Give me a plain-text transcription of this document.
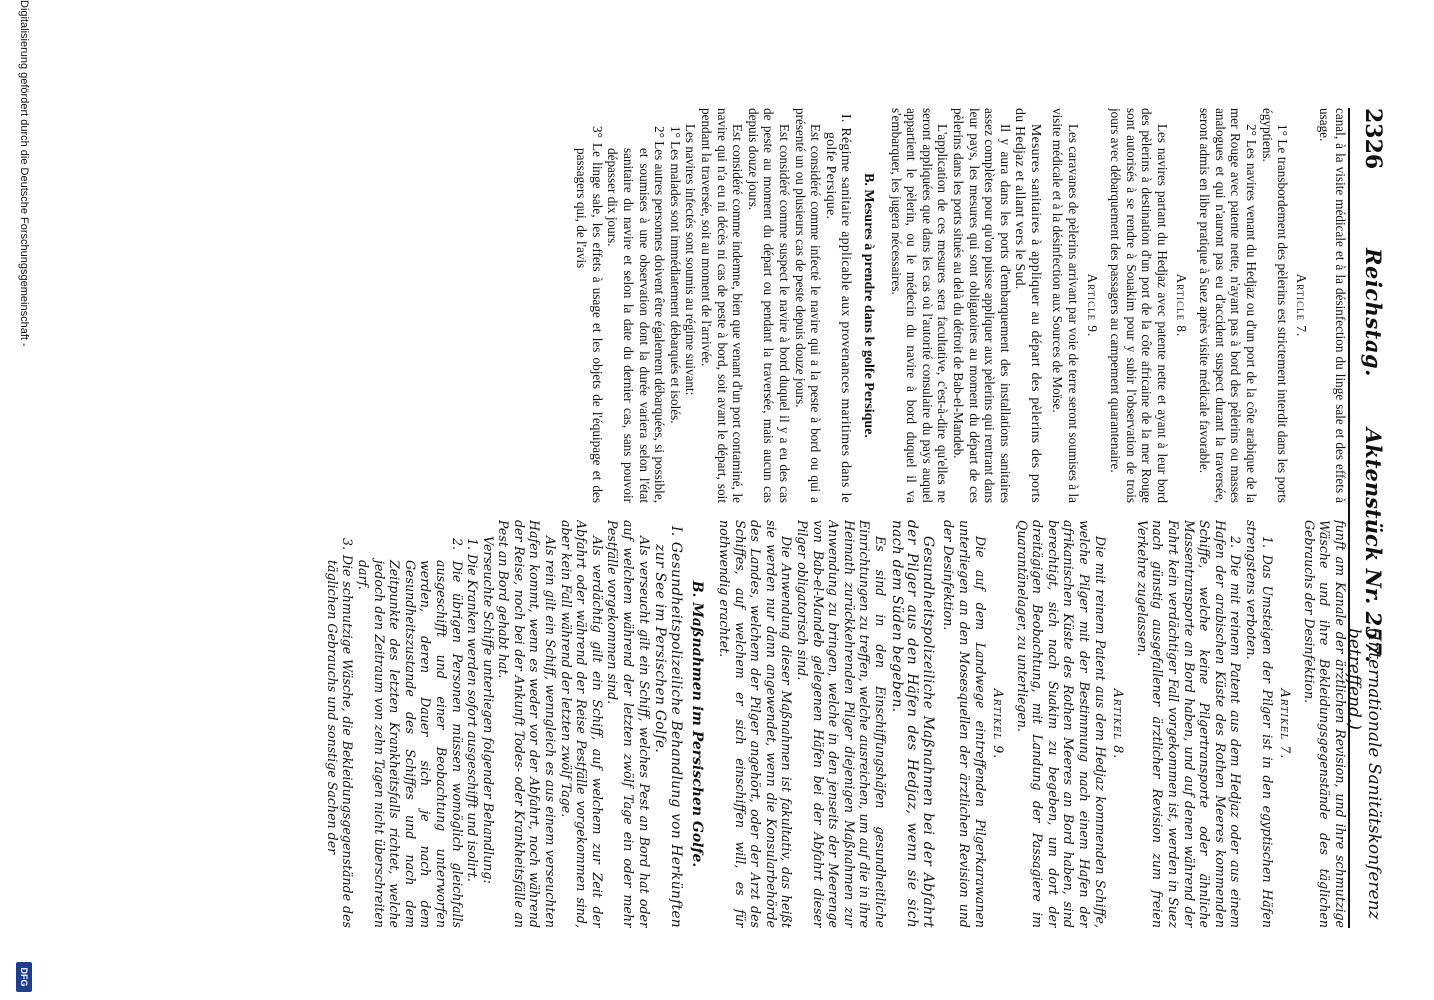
2326
Reichstag.
Aktenstück Nr. 257.
(Internationale Sanitätskonferenz betreffend.)

canal, à la visite médicale et à la désinfection du linge sale et des effets à usage.

Article 7.

1° Le transbordement des pèlerins est strictement interdit dans les ports égyptiens.

2° Les navires venant du Hedjaz ou d'un port de la côte arabique de la mer Rouge avec patente nette, n'ayant pas à bord des pèlerins ou masses analogues et qui n'auront pas eu d'accident suspect durant la traversée, seront admis en libre pratique à Suez après visite médicale favorable.

Article 8.

Les navires partant du Hedjaz avec patente nette et ayant à leur bord des pèlerins à destination d'un port de la côte africaine de la mer Rouge sont autorisés à se rendre à Souakim pour y subir l'observation de trois jours avec débarquement des passagers au campement quarantenaire.

Article 9.

Les caravanes de pèlerins arrivant par voie de terre seront soumises à la visite médicale et à la désinfection aux Sources de Moïse.

Mesures sanitaires à appliquer au départ des pèlerins des ports du Hedjaz et allant vers le Sud.

Il y aura dans les ports d'embarquement des installations sanitaires assez complètes pour qu'on puisse appliquer aux pèlerins qui rentrant dans leur pays, les mesures qui sont obligatoires au moment du départ de ces pèlerins dans les ports situés au delà du détroit de Bab-el-Mandeb.

L'application de ces mesures sera facultative, c'est-à-dire qu'elles ne seront appliquées que dans les cas où l'autorité consulaire du pays auquel appartient le pèlerin, ou le médecin du navire à bord duquel il va s'embarquer, les jugera nécessaires.

B. Mesures à prendre dans le golfe Persique.

I. Régime sanitaire applicable aux provenances maritimes dans le golfe Persique.

Est considéré comme infecté le navire qui a la peste à bord ou qui a présenté un ou plusieurs cas de peste depuis douze jours.

Est considéré comme suspect le navire à bord duquel il y a eu des cas de peste au moment du départ ou pendant la traversée, mais aucun cas depuis douze jours.

Est considéré comme indemne, bien que venant d'un port contaminé, le navire qui n'a eu ni décès ni cas de peste à bord, soit avant le départ, soit pendant la traversée, soit au moment de l'arrivée.

Les navires infectés sont soumis au régime suivant:

1° Les malades sont immédiatement débarqués et isolés.

2° Les autres personnes doivent être également débarquées, si possible, et soumises à une observation dont la durée variera selon l'état sanitaire du navire et selon la date du dernier cas, sans pouvoir dépasser dix jours.

3° Le linge sale, les effets à usage et les objets de l'équipage et des passagers qui, de l'avis

funft am Kanale der ärztlichen Revision, und ihre schmutzige Wäsche und ihre Bekleidungsgegenstände des täglichen Gebrauchs der Desinfektion.

Artikel 7.

1. Das Umsteigen der Pilger ist in den egyptischen Häfen strengstens verboten.

2. Die mit reinem Patent aus dem Hedjaz oder aus einem Hafen der arabischen Küste des Rothen Meeres kommenden Schiffe, welche keine Pilgertransporte oder ähnliche Massentransporte an Bord haben, und auf denen während der Fahrt kein verdächtiger Fall vorgekommen ist, werden in Suez nach günstig ausgefallener ärztlicher Revision zum freien Verkehre zugelassen.

Artikel 8.

Die mit reinem Patent aus dem Hedjaz kommenden Schiffe, welche Pilger mit der Bestimmung nach einem Hafen der afrikanischen Küste des Rothen Meeres an Bord haben, sind berechtigt, sich nach Suakim zu begeben, um dort der dreitägigen Beobachtung, mit Landung der Passagiere im Quarantänelager, zu unterliegen.

Artikel 9.

Die auf dem Landwege eintreffenden Pilgerkarawanen unterliegen an den Mosesquellen der ärztlichen Revision und der Desinfektion.

Gesundheitspolizeiliche Maßnahmen bei der Abfahrt der Pilger aus den Häfen des Hedjaz, wenn sie sich nach dem Süden begeben.

Es sind in den Einschiffungshäfen gesundheitliche Einrichtungen zu treffen, welche ausreichen, um auf die in ihre Heimath zurückkehrenden Pilger diejenigen Maßnahmen zur Anwendung zu bringen, welche in den jenseits der Meerenge von Bab-el-Mandeb gelegenen Häfen bei der Abfahrt dieser Pilger obligatorisch sind.

Die Anwendung dieser Maßnahmen ist fakultativ, das heißt sie werden nur dann angewendet, wenn die Konsularbehörde des Landes, welchem der Pilger angehört, oder der Arzt des Schiffes, auf welchem er sich einschiffen will, es für nothwendig erachtet.

B. Maßnahmen im Persischen Golfe.

I. Gesundheitspolizeiliche Behandlung von Herkünften zur See im Persischen Golfe.

Als verseucht gilt ein Schiff, welches Pest an Bord hat oder auf welchem während der letzten zwölf Tage ein oder mehr Pestfälle vorgekommen sind.

Als verdächtig gilt ein Schiff, auf welchem zur Zeit der Abfahrt oder während der Reise Pestfälle vorgekommen sind, aber kein Fall während der letzten zwölf Tage.

Als rein gilt ein Schiff, wenngleich es aus einem verseuchten Hafen kommt, wenn es weder vor der Abfahrt, noch während der Reise, noch bei der Ankunft Todes- oder Krankheitsfälle an Pest an Bord gehabt hat.

Verseuchte Schiffe unterliegen folgender Behandlung:

1. Die Kranken werden sofort ausgeschifft und isolirt.

2. Die übrigen Personen müssen womöglich gleichfalls ausgeschifft und einer Beobachtung unterworfen werden, deren Dauer sich je nach dem Gesundheitszustande des Schiffes und nach dem Zeitpunkte des letzten Krankheitsfalls richtet, welche jedoch den Zeitraum von zehn Tagen nicht überschreiten darf.

3. Die schmutzige Wäsche, die Bekleidungsgegenstände des täglichen Gebrauchs und sonstige Sachen der

Digitalisierung gefördert durch die Deutsche Forschungsgemeinschaft -
DFG
